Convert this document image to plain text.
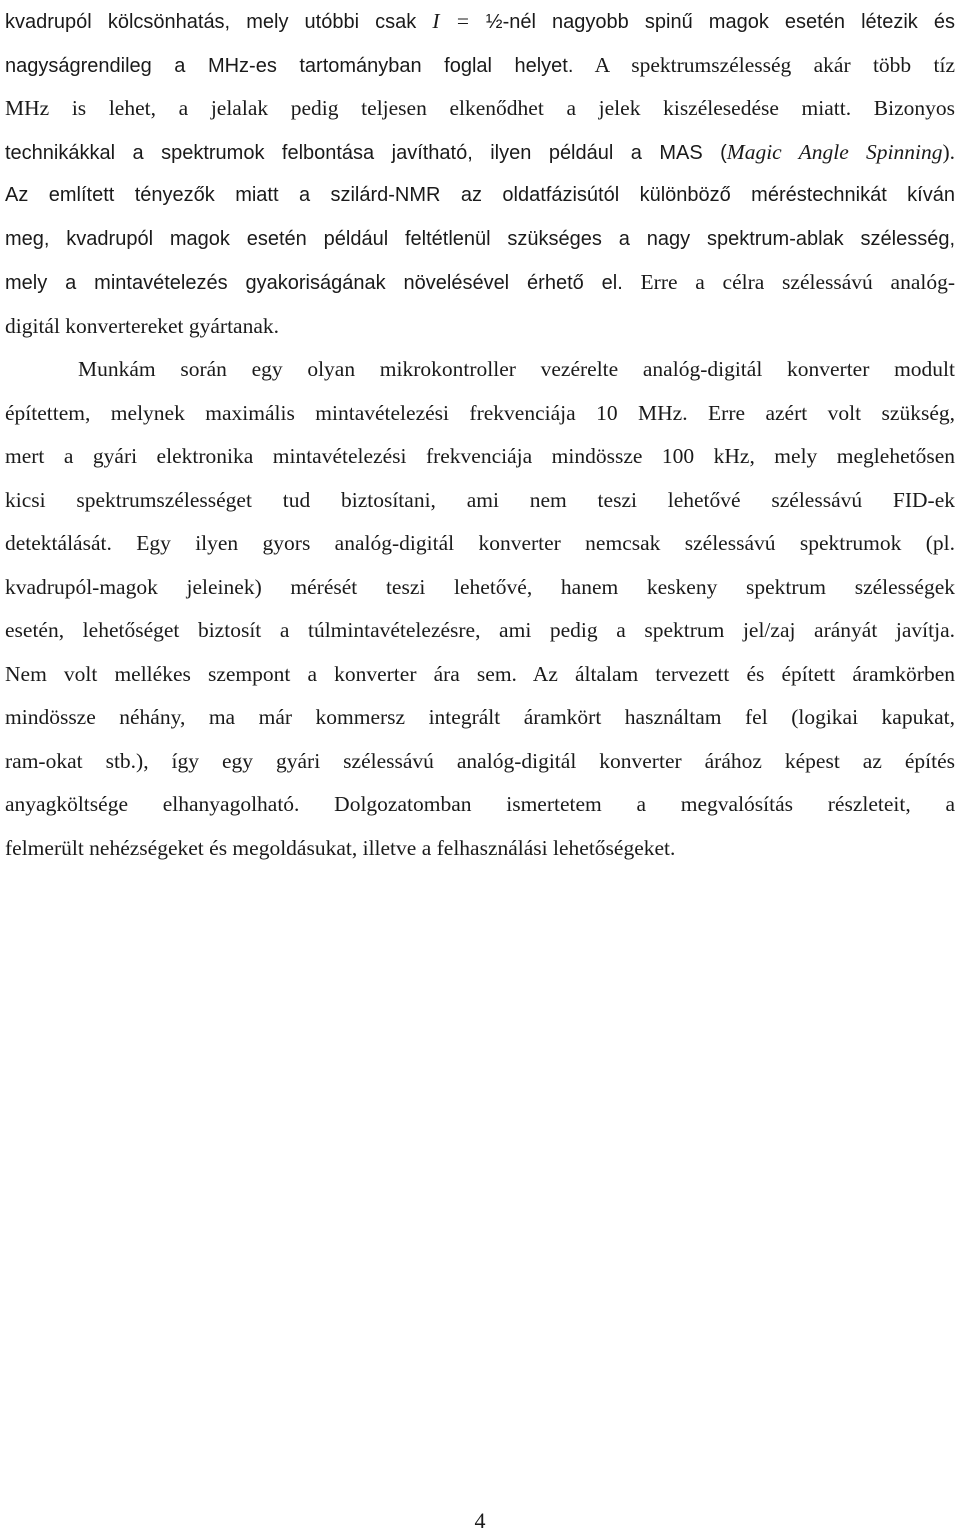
kvadrupól kölcsönhatás, mely utóbbi csak I = ½-nél nagyobb spinű magok esetén létezik és
nagyságrendileg a MHz-es tartományban foglal helyet. A spektrumszélesség akár több tíz
MHz is lehet, a jelalak pedig teljesen elkenődhet a jelek kiszélesedése miatt. Bizonyos
technikákkal a spektrumok felbontása javítható, ilyen például a MAS (Magic Angle Spinning).
Az említett tényezők miatt a szilárd-NMR az oldatfázisútól különböző méréstechnikát kíván
meg, kvadrupól magok esetén például feltétlenül szükséges a nagy spektrum-ablak szélesség,
mely a mintavételezés gyakoriságának növelésével érhető el. Erre a célra szélessávú analóg-
digitál konvertereket gyártanak.
Munkám során egy olyan mikrokontroller vezérelte analóg-digitál konverter modult
építettem, melynek maximális mintavételezési frekvenciája 10 MHz. Erre azért volt szükség,
mert a gyári elektronika mintavételezési frekvenciája mindössze 100 kHz, mely meglehetősen
kicsi spektrumszélességet tud biztosítani, ami nem teszi lehetővé szélessávú FID-ek
detektálását. Egy ilyen gyors analóg-digitál konverter nemcsak szélessávú spektrumok (pl.
kvadrupól-magok jeleinek) mérését teszi lehetővé, hanem keskeny spektrum szélességek
esetén, lehetőséget biztosít a túlmintavételezésre, ami pedig a spektrum jel/zaj arányát javítja.
Nem volt mellékes szempont a konverter ára sem. Az általam tervezett és épített áramkörben
mindössze néhány, ma már kommersz integrált áramkört használtam fel (logikai kapukat,
ram-okat stb.), így egy gyári szélessávú analóg-digitál konverter árához képest az építés
anyagköltsége elhanyagolható. Dolgozatomban ismertetem a megvalósítás részleteit, a
felmerült nehézségeket és megoldásukat, illetve a felhasználási lehetőségeket.
4
